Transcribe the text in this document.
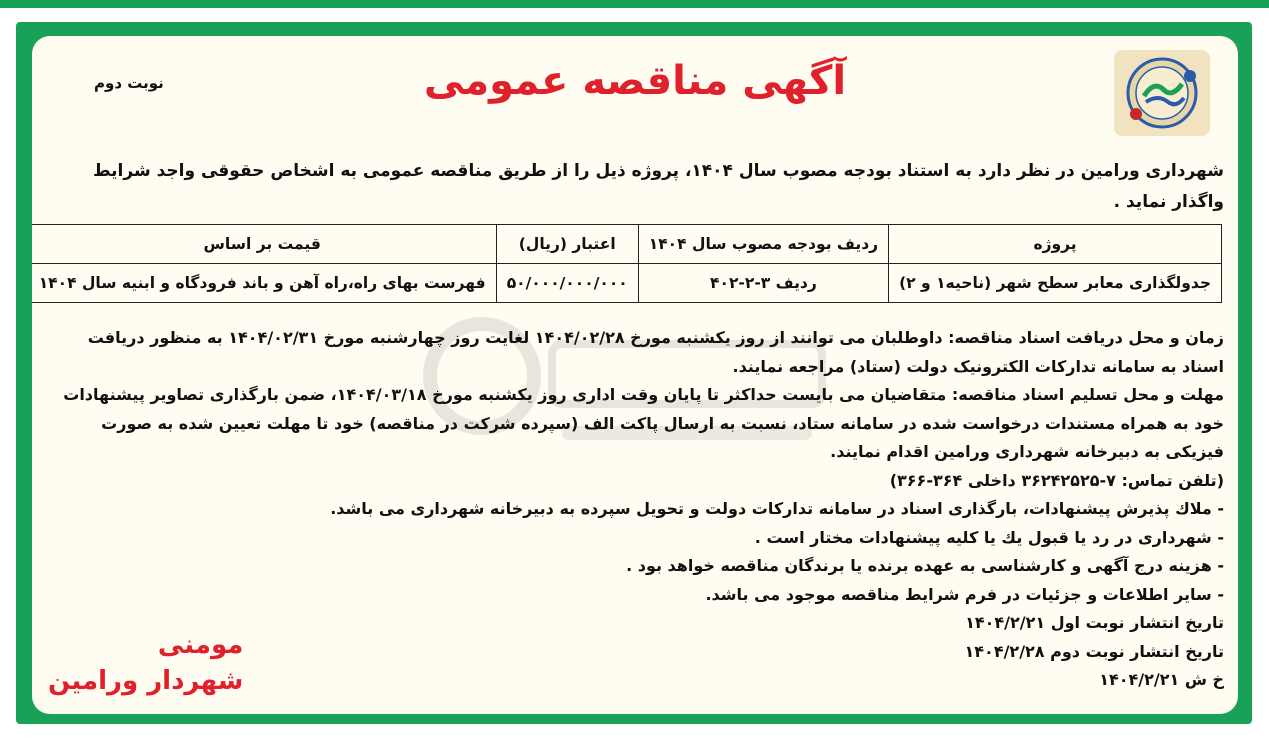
آگهی مناقصه عمومی
نوبت دوم
شهرداری ورامین در نظر دارد به استناد بودجه مصوب سال ۱۴۰۴، پروژه ذیل را از طریق مناقصه عمومی به اشخاص حقوقی واجد شرایط
واگذار نماید .
پروژه	ردیف بودجه مصوب سال ۱۴۰۴	اعتبار (ریال)	قیمت بر اساس
جدولگذاری معابر سطح شهر (ناحیه۱ و ۲)	ردیف ۳-۲-۴۰۲	۵۰/۰۰۰/۰۰۰/۰۰۰	فهرست بهای راه،راه آهن و باند فرودگاه و ابنیه سال ۱۴۰۴
زمان و محل دریافت اسناد مناقصه: داوطلبان می توانند از روز یکشنبه مورخ ۱۴۰۴/۰۲/۲۸ لغایت روز چهارشنبه مورخ ۱۴۰۴/۰۲/۳۱ به منظور دریافت
اسناد به سامانه تدارکات الکترونیک دولت (ستاد) مراجعه نمایند.
مهلت و محل تسلیم اسناد مناقصه: متقاضیان می بایست حداکثر تا پایان وقت اداری روز یکشنبه مورخ ۱۴۰۴/۰۳/۱۸، ضمن بارگذاری تصاویر پیشنهادات
خود به همراه مستندات درخواست شده در سامانه ستاد، نسبت به ارسال پاکت الف (سپرده شرکت در مناقصه) خود تا مهلت تعیین شده به صورت
فیزیکی به دبیرخانه شهرداری ورامین اقدام نمایند.
(تلفن تماس: ۷-۳۶۲۴۲۵۲۵ داخلی ۳۶۴-۳۶۶)
- ملاك پذیرش پیشنهادات، بارگذاری اسناد در سامانه تدارکات دولت و تحویل سپرده به دبیرخانه شهرداری می باشد.
- شهرداری در رد یا قبول یك یا کلیه پیشنهادات مختار است .
- هزینه درج آگهی و کارشناسی به عهده برنده یا برندگان مناقصه خواهد بود .
- سایر اطلاعات و جزئیات در فرم شرایط مناقصه موجود می باشد.
تاریخ انتشار نوبت اول ۱۴۰۴/۲/۲۱
تاریخ انتشار نوبت دوم ۱۴۰۴/۲/۲۸
خ ش ۱۴۰۴/۲/۲۱
مومنی
شهردار ورامین
